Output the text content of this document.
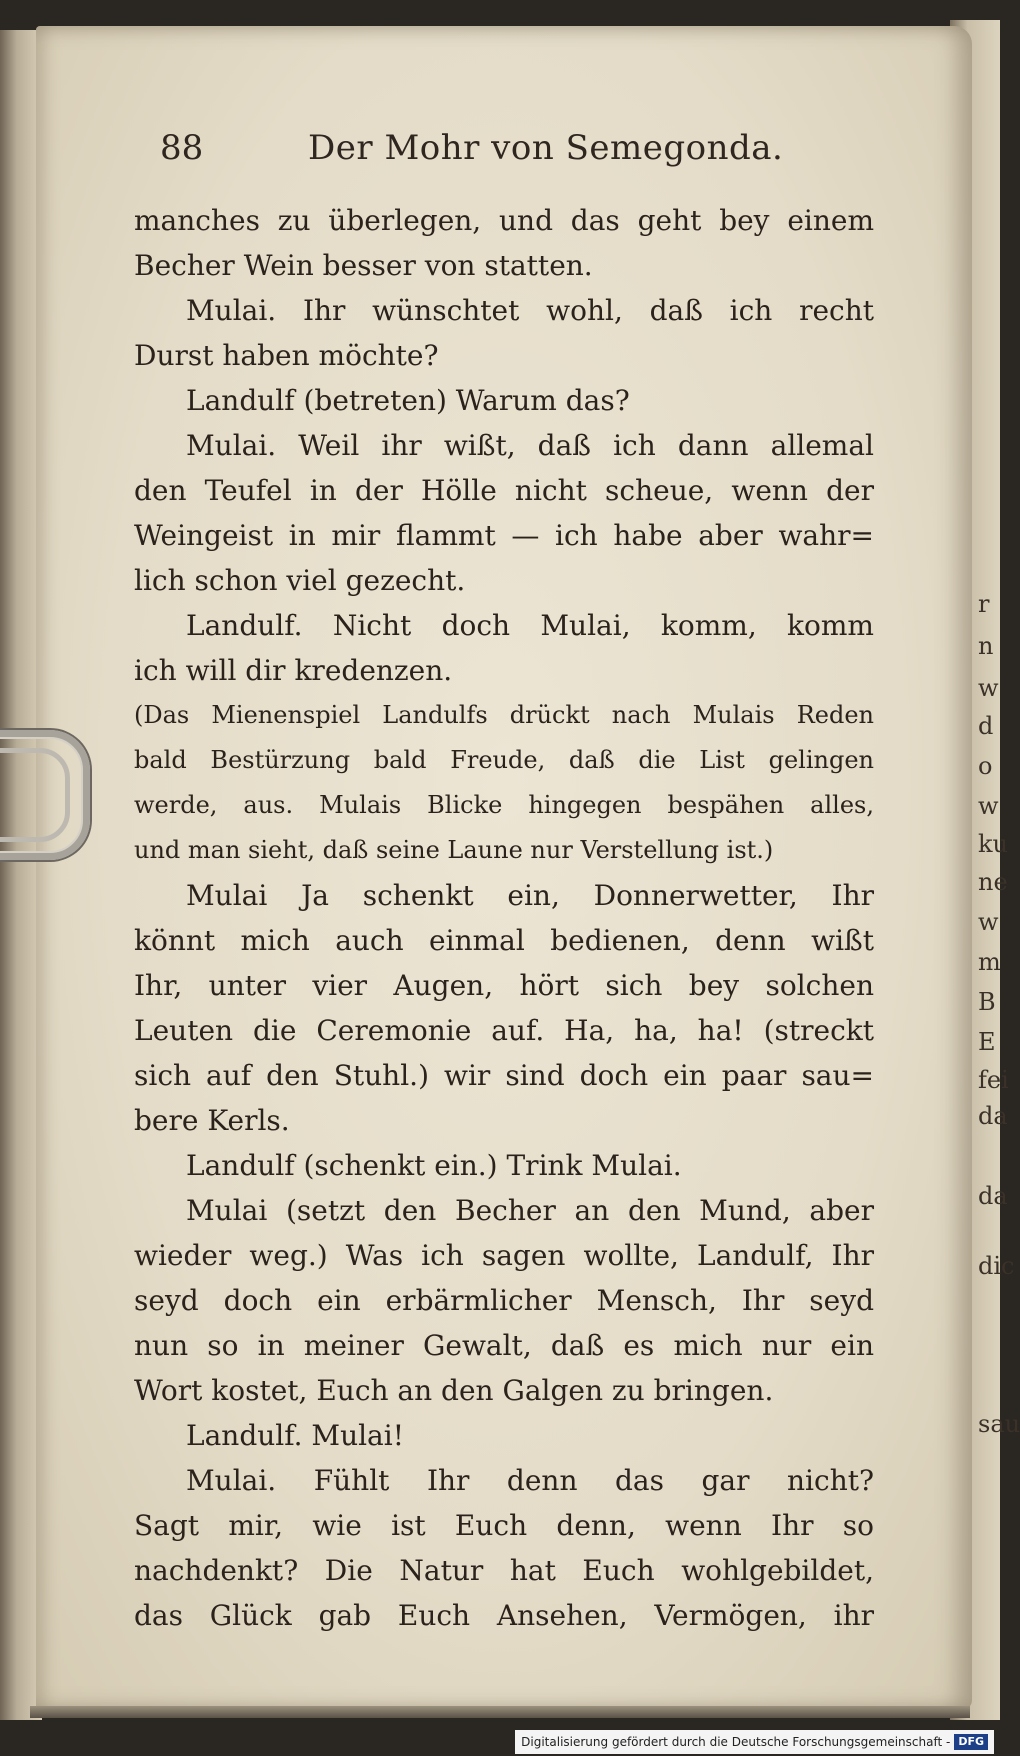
r
n
w
d
o
w
ku
ne
w
m
B
E
fei
da
da
dic
sau
88	Der Mohr von Semegonda.
manches zu überlegen, und das geht bey einem
Becher Wein besser von statten.
Mulai. Ihr wünschtet wohl, daß ich recht
Durst haben möchte?
Landulf (betreten) Warum das?
Mulai. Weil ihr wißt, daß ich dann allemal
den Teufel in der Hölle nicht scheue, wenn der
Weingeist in mir flammt — ich habe aber wahr=
lich schon viel gezecht.
Landulf. Nicht doch Mulai, komm, komm
ich will dir kredenzen.
(Das Mienenspiel Landulfs drückt nach Mulais Reden
bald Bestürzung bald Freude, daß die List gelingen
werde, aus. Mulais Blicke hingegen bespähen alles,
und man sieht, daß seine Laune nur Verstellung ist.)
Mulai Ja schenkt ein, Donnerwetter, Ihr
könnt mich auch einmal bedienen, denn wißt
Ihr, unter vier Augen, hört sich bey solchen
Leuten die Ceremonie auf. Ha, ha, ha! (streckt
sich auf den Stuhl.) wir sind doch ein paar sau=
bere Kerls.
Landulf (schenkt ein.) Trink Mulai.
Mulai (setzt den Becher an den Mund, aber
wieder weg.) Was ich sagen wollte, Landulf, Ihr
seyd doch ein erbärmlicher Mensch, Ihr seyd
nun so in meiner Gewalt, daß es mich nur ein
Wort kostet, Euch an den Galgen zu bringen.
Landulf. Mulai!
Mulai. Fühlt Ihr denn das gar nicht?
Sagt mir, wie ist Euch denn, wenn Ihr so
nachdenkt? Die Natur hat Euch wohlgebildet,
das Glück gab Euch Ansehen, Vermögen, ihr
Digitalisierung gefördert durch die Deutsche Forschungsgemeinschaft - DFG
